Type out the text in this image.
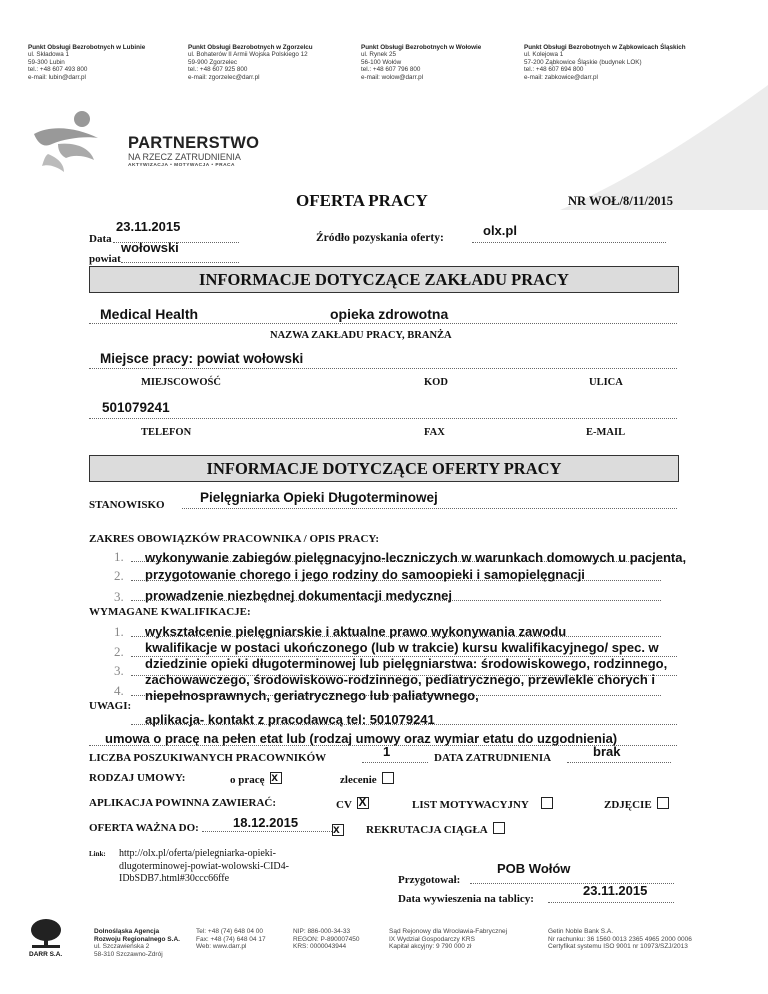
Punkt Obsługi Bezrobotnych w Lubinie
ul. Składowa 1
59-300 Lubin
tel.: +48 607 493 800
e-mail: lubin@darr.pl
Punkt Obsługi Bezrobotnych w Zgorzelcu
ul. Bohaterów II Armii Wojska Polskiego 12
59-900 Zgorzelec
tel.: +48 607 925 800
e-mail: zgorzelec@darr.pl
Punkt Obsługi Bezrobotnych w Wołowie
ul. Rynek 25
56-100 Wołów
tel.: +48 607 796 800
e-mail: wolow@darr.pl
Punkt Obsługi Bezrobotnych w Ząbkowicach Śląskich
ul. Kolejowa 1
57-200 Ząbkowice Śląskie (budynek LOK)
tel.: +48 607 694 800
e-mail: zabkowice@darr.pl
PARTNERSTWO
NA RZECZ ZATRUDNIENIA
AKTYWIZACJA • MOTYWACJA • PRACA
OFERTA PRACY	NR WOŁ/8/11/2015
Data
23.11.2015
powiat
wołowski
Źródło pozyskania oferty:	olx.pl
INFORMACJE DOTYCZĄCE ZAKŁADU PRACY
Medical Health	opieka zdrowotna
NAZWA ZAKŁADU PRACY, BRANŻA
Miejsce pracy: powiat wołowski
MIEJSCOWOŚĆ	KOD	ULICA
501079241
TELEFON	FAX	E-MAIL
INFORMACJE DOTYCZĄCE OFERTY PRACY
STANOWISKO	Pielęgniarka Opieki Długoterminowej
ZAKRES OBOWIĄZKÓW PRACOWNIKA / OPIS PRACY:
1.
2.
3.
wykonywanie zabiegów pielęgnacyjno-leczniczych w warunkach domowych u pacjenta,
przygotowanie chorego i jego rodziny do samoopieki i samopielęgnacji
prowadzenie niezbędnej dokumentacji medycznej
WYMAGANE KWALIFIKACJE:
1.
2.
3.
4.
wykształcenie pielęgniarskie i aktualne prawo wykonywania zawodu
kwalifikacje w postaci ukończonego (lub w trakcie) kursu kwalifikacyjnego/ spec. w
dziedzinie opieki długoterminowej lub pielęgniarstwa: środowiskowego, rodzinnego,
zachowawczego, środowiskowo-rodzinnego, pediatrycznego, przewlekle chorych i
niepełnosprawnych, geriatrycznego lub paliatywnego,
UWAGI:
aplikacja- kontakt z pracodawcą tel: 501079241
umowa o pracę na pełen etat lub (rodzaj umowy oraz wymiar etatu do uzgodnienia)
LICZBA POSZUKIWANYCH PRACOWNIKÓW	1	DATA ZATRUDNIENIA	brak
RODZAJ UMOWY:	o pracę x	zlecenie
APLIKACJA POWINNA ZAWIERAĆ:	CV X	LIST MOTYWACYJNY	ZDJĘCIE
OFERTA WAŻNA DO:	18.12.2015	x REKRUTACJA CIĄGŁA
Link: http://olx.pl/oferta/pielegniarka-opieki-
dlugoterminowej-powiat-wolowski-CID4-
IDbSDB7.html#30ccc66ffe	Przygotował:
POB Wołów
Data wywieszenia na tablicy:
23.11.2015
DARR S.A.
Dolnośląska Agencja
Rozwoju Regionalnego S.A.
ul. Szczawieńska 2
58-310 Szczawno-Zdrój
Tel: +48 (74) 648 04 00
Fax: +48 (74) 648 04 17
Web: www.darr.pl
NIP: 886-000-34-33
REGON: P-890007450
KRS: 0000043944
Sąd Rejonowy dla Wrocławia-Fabrycznej
IX Wydział Gospodarczy KRS
Kapitał akcyjny: 9 790 000 zł
Getin Noble Bank S.A.
Nr rachunku: 36 1560 0013 2365 4965 2000 0006
Certyfikat systemu ISO 9001 nr 10973/SZJ/2013
